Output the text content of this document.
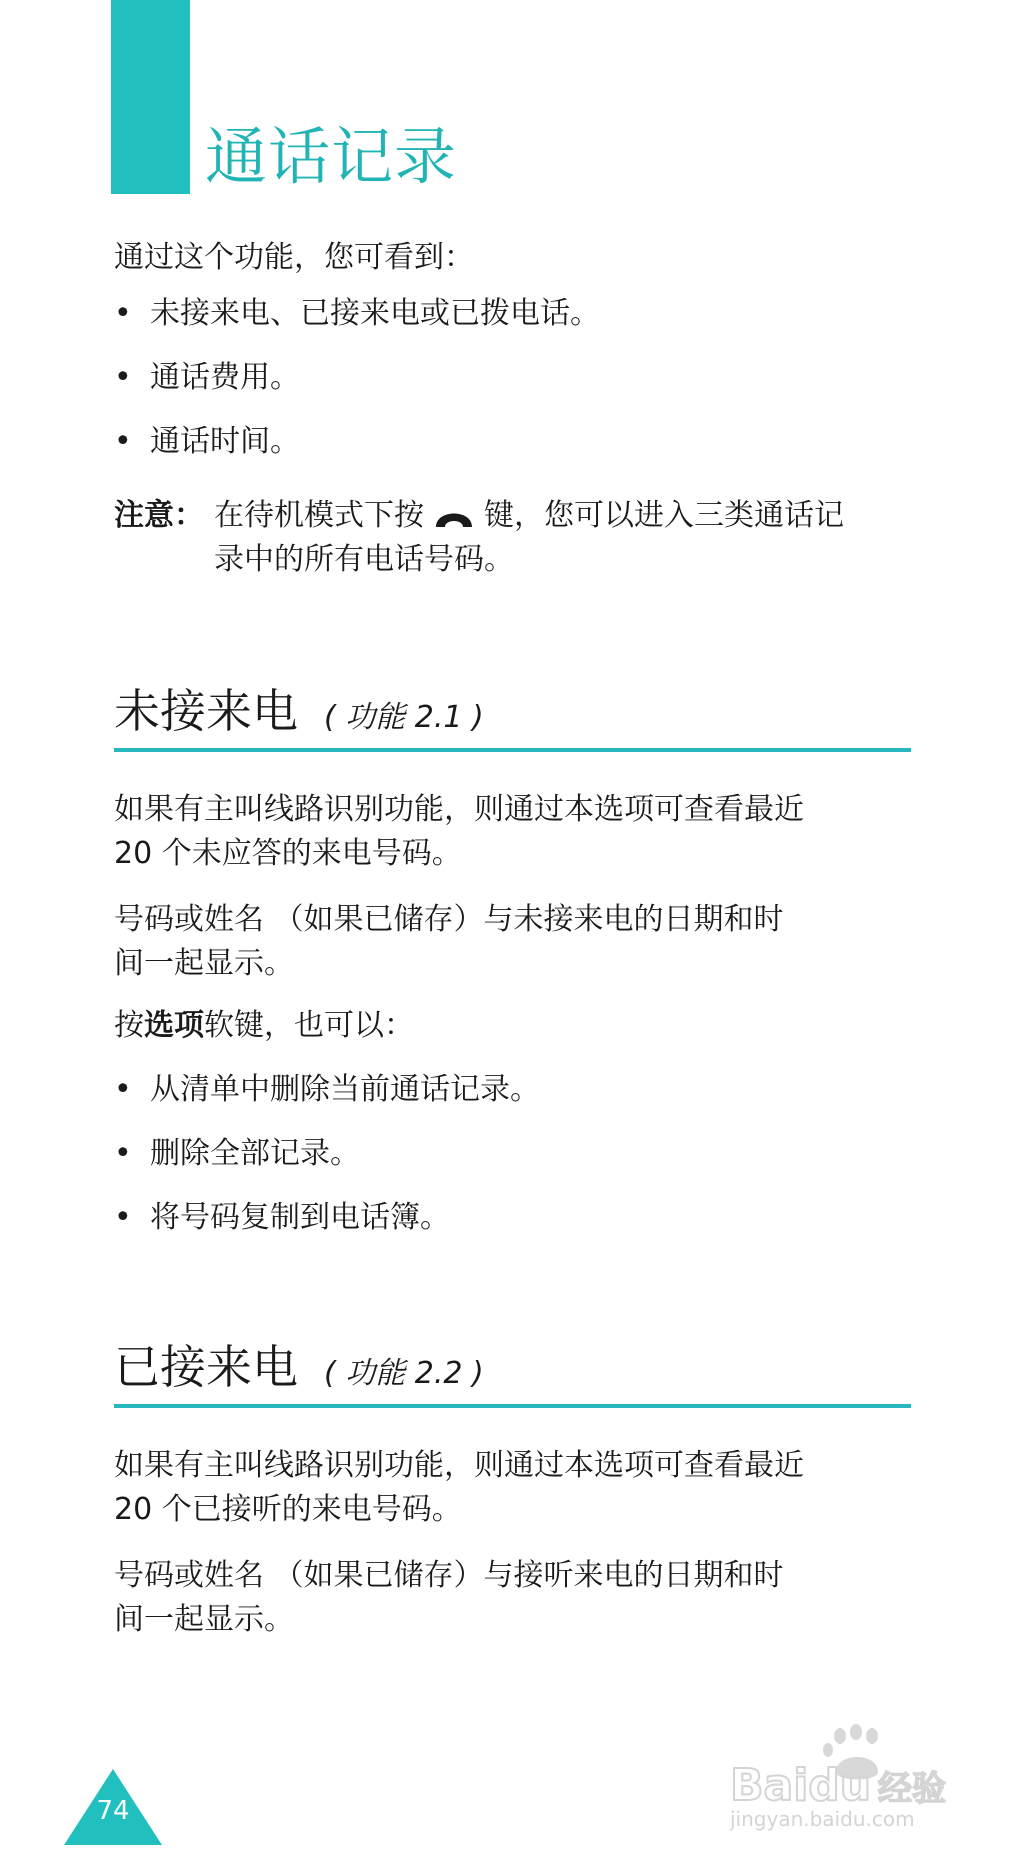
通话记录
通过这个功能，您可看到：
• 未接来电、已接来电或已拨电话。
• 通话费用。
• 通话时间。
注意： 在待机模式下按 键，您可以进入三类通话记
录中的所有电话号码。
未接来电 ( 功能 2.1 )
如果有主叫线路识别功能，则通过本选项可查看最近
20 个未应答的来电号码。
号码或姓名 （如果已储存）与未接来电的日期和时
间一起显示。
按选项软键，也可以：
• 从清单中删除当前通话记录。
• 删除全部记录。
• 将号码复制到电话簿。
已接来电 ( 功能 2.2 )
如果有主叫线路识别功能，则通过本选项可查看最近
20 个已接听的来电号码。
号码或姓名 （如果已储存）与接听来电的日期和时
间一起显示。
74	Baidu 经验
jingyan.baidu.com
